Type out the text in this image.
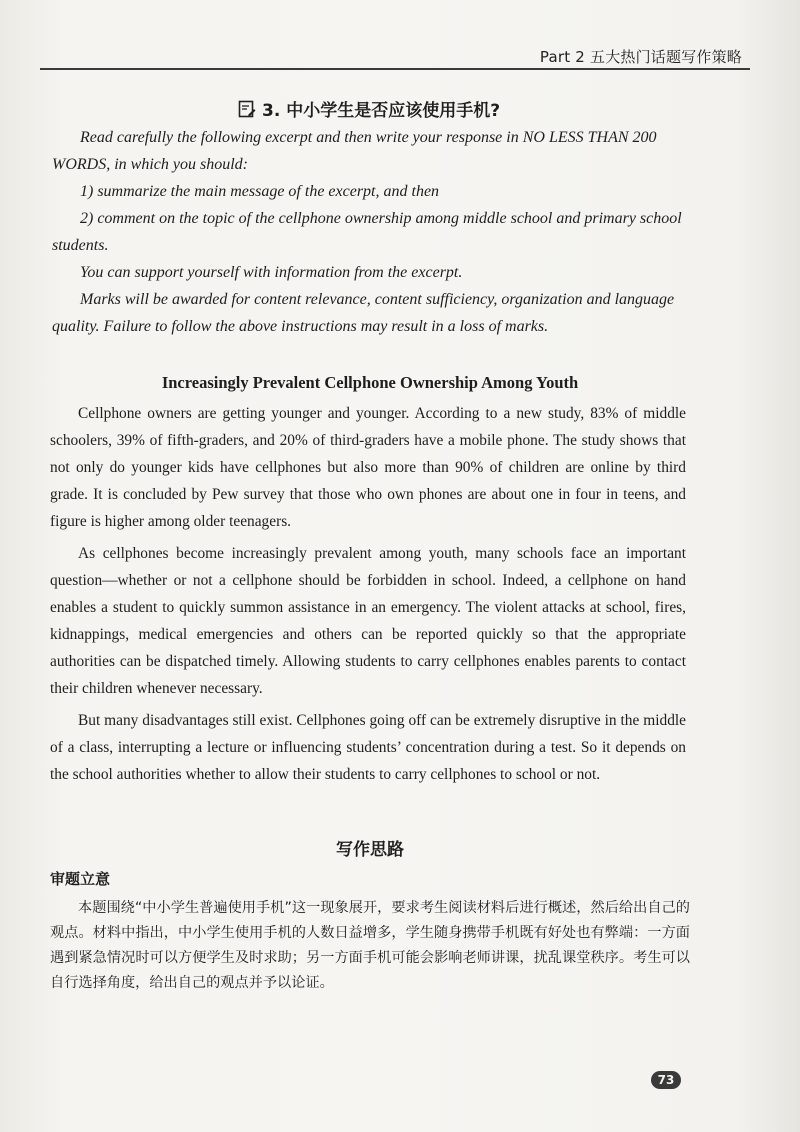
Part 2 五大热门话题写作策略
3. 中小学生是否应该使用手机?

Read carefully the following excerpt and then write your response in NO LESS THAN 200 WORDS, in which you should:

1) summarize the main message of the excerpt, and then

2) comment on the topic of the cellphone ownership among middle school and primary school students.

You can support yourself with information from the excerpt.

Marks will be awarded for content relevance, content sufficiency, organization and language quality. Failure to follow the above instructions may result in a loss of marks.

Increasingly Prevalent Cellphone Ownership Among Youth

Cellphone owners are getting younger and younger. According to a new study, 83% of middle schoolers, 39% of fifth-graders, and 20% of third-graders have a mobile phone. The study shows that not only do younger kids have cellphones but also more than 90% of children are online by third grade. It is concluded by Pew survey that those who own phones are about one in four in teens, and figure is higher among older teenagers.

As cellphones become increasingly prevalent among youth, many schools face an important question—whether or not a cellphone should be forbidden in school. Indeed, a cellphone on hand enables a student to quickly summon assistance in an emergency. The violent attacks at school, fires, kidnappings, medical emergencies and others can be reported quickly so that the appropriate authorities can be dispatched timely. Allowing students to carry cellphones enables parents to contact their children whenever necessary.

But many disadvantages still exist. Cellphones going off can be extremely disruptive in the middle of a class, interrupting a lecture or influencing students’ concentration during a test. So it depends on the school authorities whether to allow their students to carry cellphones to school or not.

写作思路
审题立意
本题围绕“中小学生普遍使用手机”这一现象展开，要求考生阅读材料后进行概述，然后给出自己的观点。材料中指出，中小学生使用手机的人数日益增多，学生随身携带手机既有好处也有弊端：一方面遇到紧急情况时可以方便学生及时求助；另一方面手机可能会影响老师讲课，扰乱课堂秩序。考生可以自行选择角度，给出自己的观点并予以论证。
73
